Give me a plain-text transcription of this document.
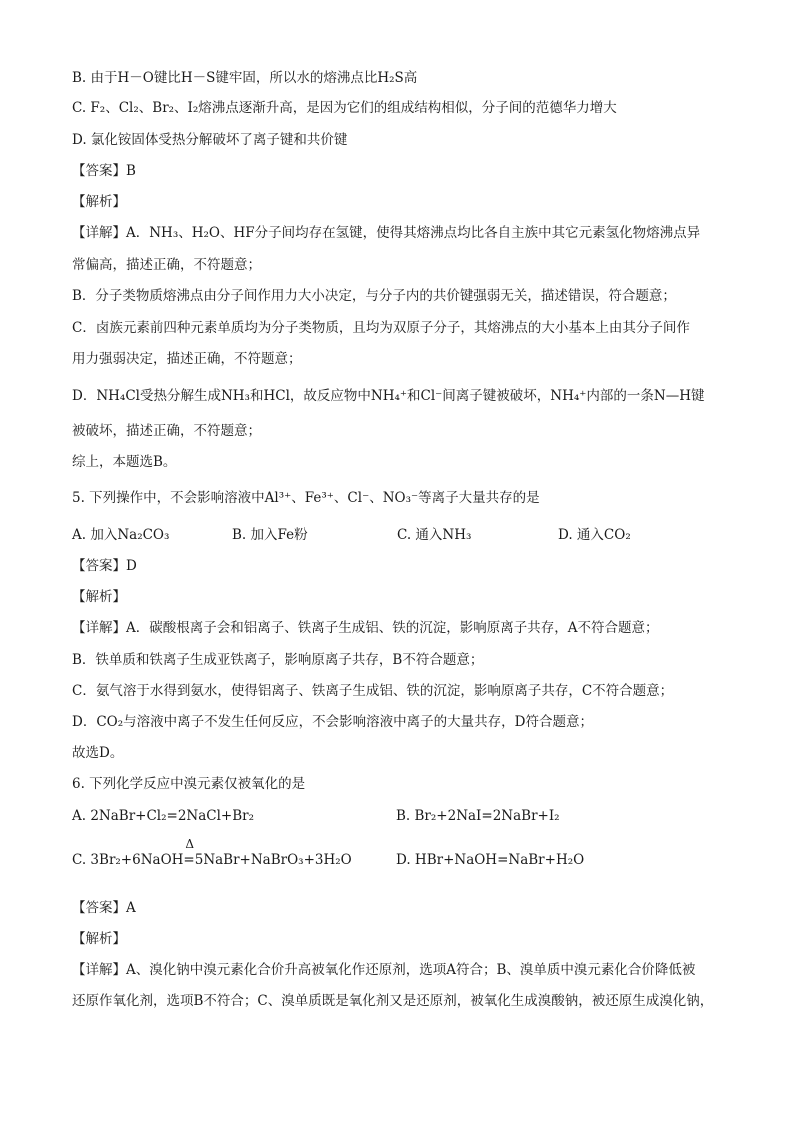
B. 由于H－O键比H－S键牢固，所以水的熔沸点比H₂S高
C. F₂、Cl₂、Br₂、I₂熔沸点逐渐升高，是因为它们的组成结构相似，分子间的范德华力增大
D. 氯化铵固体受热分解破坏了离子键和共价键
【答案】B
【解析】
【详解】A．NH₃、H₂O、HF分子间均存在氢键，使得其熔沸点均比各自主族中其它元素氢化物熔沸点异
常偏高，描述正确，不符题意；
B．分子类物质熔沸点由分子间作用力大小决定，与分子内的共价键强弱无关，描述错误，符合题意；
C．卤族元素前四种元素单质均为分子类物质，且均为双原子分子，其熔沸点的大小基本上由其分子间作
用力强弱决定，描述正确，不符题意；
D．NH₄Cl受热分解生成NH₃和HCl，故反应物中NH₄⁺和Cl⁻间离子键被破坏，NH₄⁺内部的一条N—H键
被破坏，描述正确，不符题意；
综上，本题选B。
5. 下列操作中，不会影响溶液中Al³⁺、Fe³⁺、Cl⁻、NO₃⁻等离子大量共存的是
A. 加入Na₂CO₃	B. 加入Fe粉	C. 通入NH₃	D. 通入CO₂
【答案】D
【解析】
【详解】A．碳酸根离子会和铝离子、铁离子生成铝、铁的沉淀，影响原离子共存，A不符合题意；
B．铁单质和铁离子生成亚铁离子，影响原离子共存，B不符合题意；
C．氨气溶于水得到氨水，使得铝离子、铁离子生成铝、铁的沉淀，影响原离子共存，C不符合题意；
D．CO₂与溶液中离子不发生任何反应，不会影响溶液中离子的大量共存，D符合题意；
故选D。
6. 下列化学反应中溴元素仅被氧化的是
A. 2NaBr+Cl₂=2NaCl+Br₂	B. Br₂+2NaI=2NaBr+I₂
C. 3Br₂+6NaOH
Δ
=5NaBr+NaBrO₃+3H₂O	D. HBr+NaOH=NaBr+H₂O
【答案】A
【解析】
【详解】A、溴化钠中溴元素化合价升高被氧化作还原剂，选项A符合；B、溴单质中溴元素化合价降低被
还原作氧化剂，选项B不符合；C、溴单质既是氧化剂又是还原剂，被氧化生成溴酸钠，被还原生成溴化钠，
